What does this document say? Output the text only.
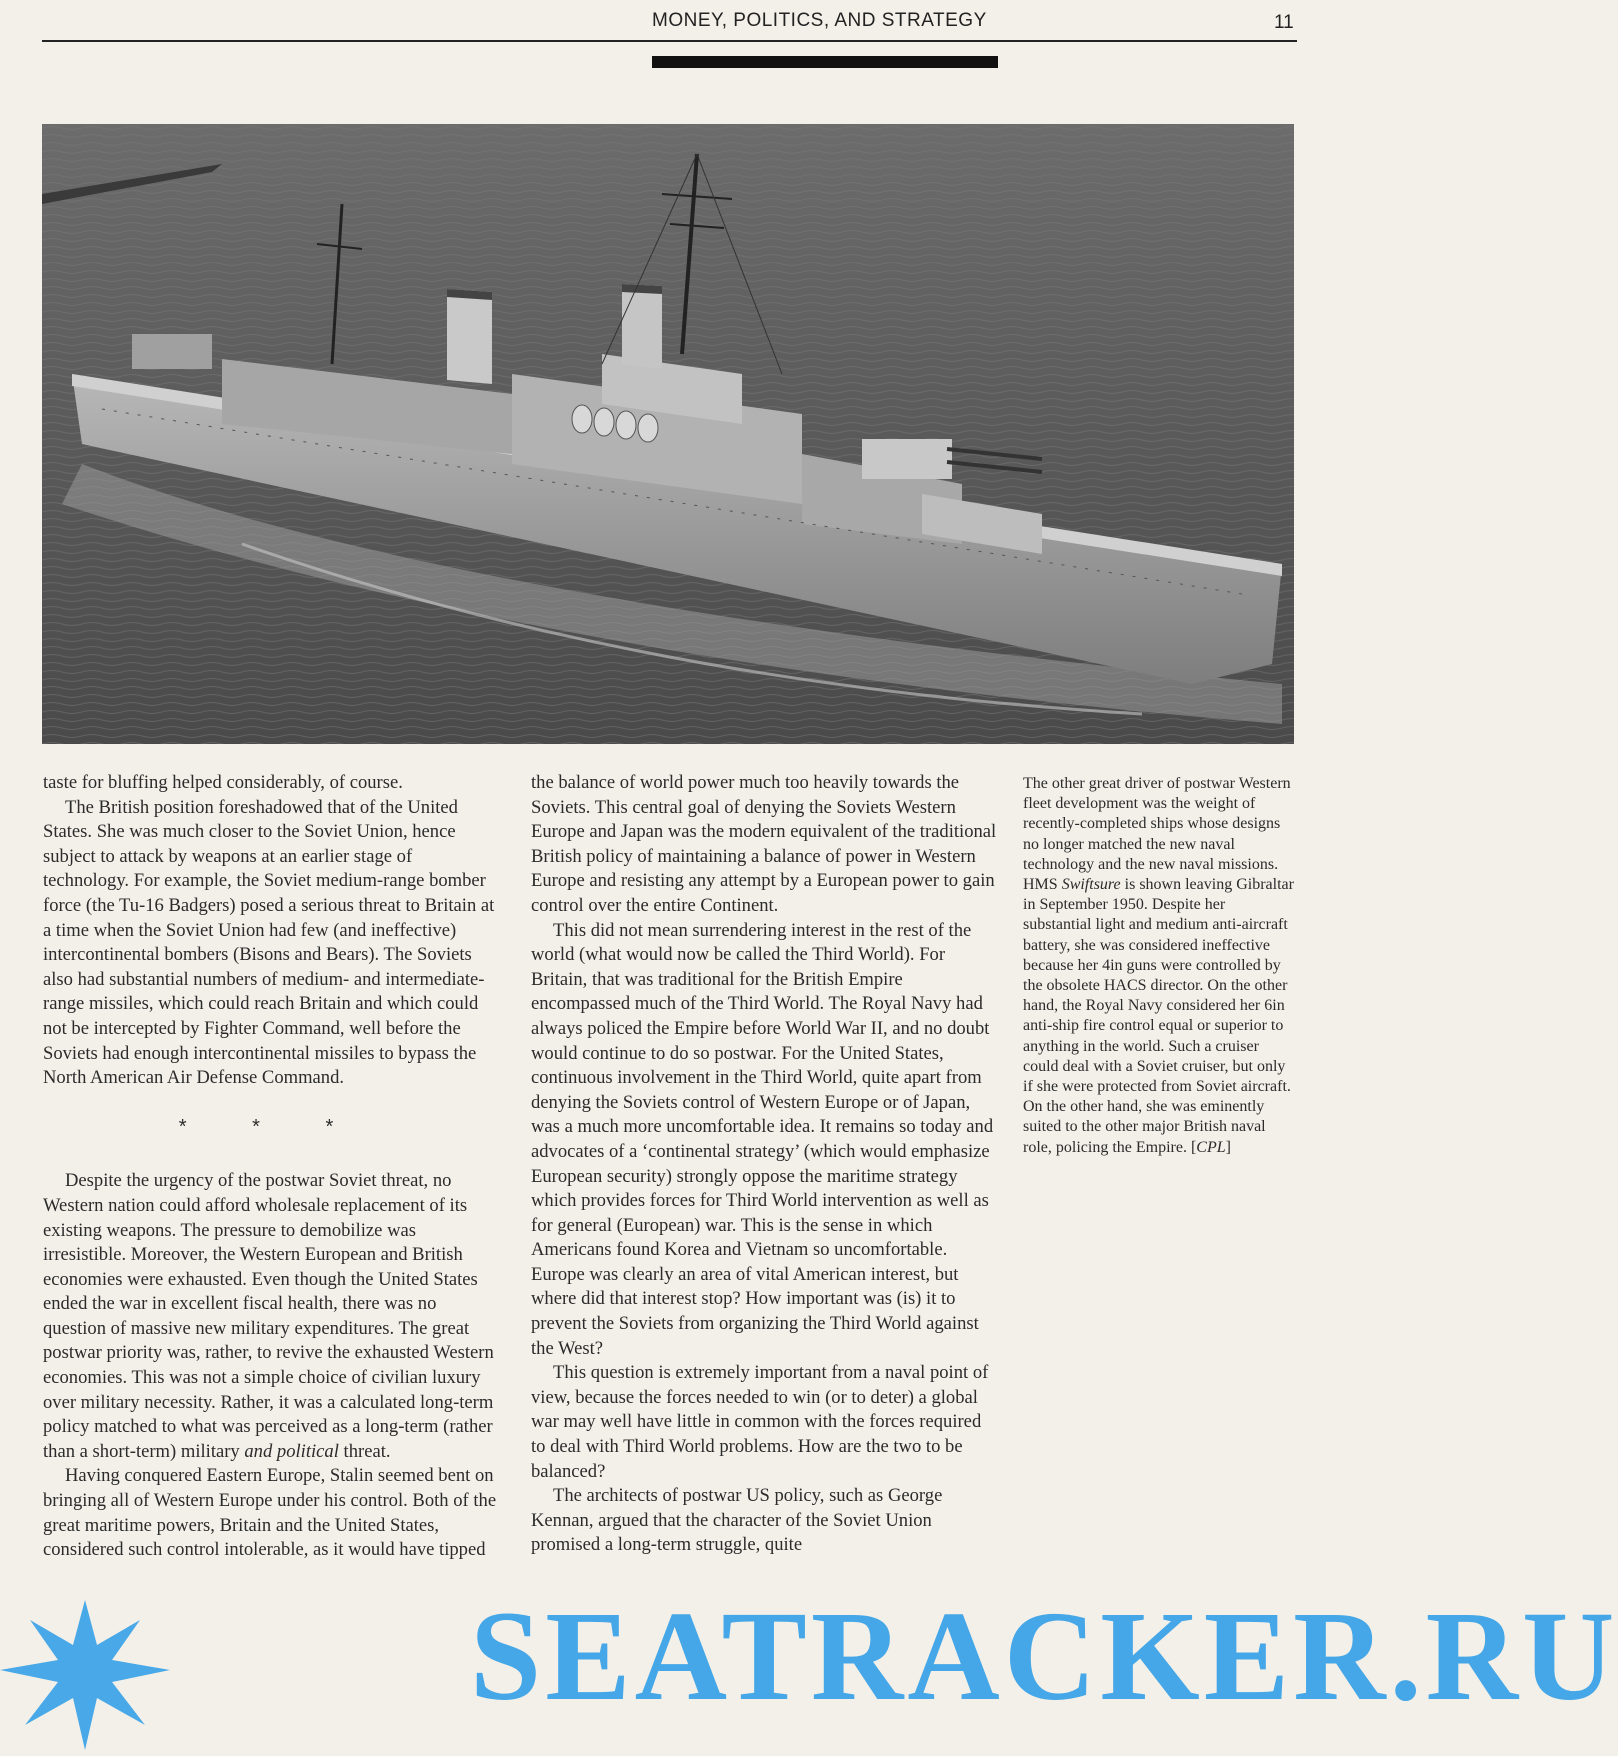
MONEY, POLITICS, AND STRATEGY	11

taste for bluffing helped considerably, of course.

The British position foreshadowed that of the United States. She was much closer to the Soviet Union, hence subject to attack by weapons at an earlier stage of technology. For example, the Soviet medium-range bomber force (the Tu-16 Badgers) posed a serious threat to Britain at a time when the Soviet Union had few (and ineffective) intercontinental bombers (Bisons and Bears). The Soviets also had substantial numbers of medium- and intermediate-range missiles, which could reach Britain and which could not be intercepted by Fighter Command, well before the Soviets had enough intercontinental missiles to bypass the North American Air Defense Command.

* * *

Despite the urgency of the postwar Soviet threat, no Western nation could afford wholesale replacement of its existing weapons. The pressure to demobilize was irresistible. Moreover, the Western European and British economies were exhausted. Even though the United States ended the war in excellent fiscal health, there was no question of massive new military expenditures. The great postwar priority was, rather, to revive the exhausted Western economies. This was not a simple choice of civilian luxury over military necessity. Rather, it was a calculated long-term policy matched to what was perceived as a long-term (rather than a short-term) military and political threat.

Having conquered Eastern Europe, Stalin seemed bent on bringing all of Western Europe under his control. Both of the great maritime powers, Britain and the United States, considered such control intolerable, as it would have tipped

the balance of world power much too heavily towards the Soviets. This central goal of denying the Soviets Western Europe and Japan was the modern equivalent of the traditional British policy of maintaining a balance of power in Western Europe and resisting any attempt by a European power to gain control over the entire Continent.

This did not mean surrendering interest in the rest of the world (what would now be called the Third World). For Britain, that was traditional for the British Empire encompassed much of the Third World. The Royal Navy had always policed the Empire before World War II, and no doubt would continue to do so postwar. For the United States, continuous involvement in the Third World, quite apart from denying the Soviets control of Western Europe or of Japan, was a much more uncomfortable idea. It remains so today and advocates of a ‘continental strategy’ (which would emphasize European security) strongly oppose the maritime strategy which provides forces for Third World intervention as well as for general (European) war. This is the sense in which Americans found Korea and Vietnam so uncomfortable. Europe was clearly an area of vital American interest, but where did that interest stop? How important was (is) it to prevent the Soviets from organizing the Third World against the West?

This question is extremely important from a naval point of view, because the forces needed to win (or to deter) a global war may well have little in common with the forces required to deal with Third World problems. How are the two to be balanced?

The architects of postwar US policy, such as George Kennan, argued that the character of the Soviet Union promised a long-term struggle, quite

The other great driver of postwar Western fleet development was the weight of recently-completed ships whose designs no longer matched the new naval technology and the new naval missions. HMS Swiftsure is shown leaving Gibraltar in September 1950. Despite her substantial light and medium anti-aircraft battery, she was considered ineffective because her 4in guns were controlled by the obsolete HACS director. On the other hand, the Royal Navy considered her 6in anti-ship fire control equal or superior to anything in the world. Such a cruiser could deal with a Soviet cruiser, but only if she were protected from Soviet aircraft. On the other hand, she was eminently suited to the other major British naval role, policing the Empire. [CPL]

SEATRACKER.RU
